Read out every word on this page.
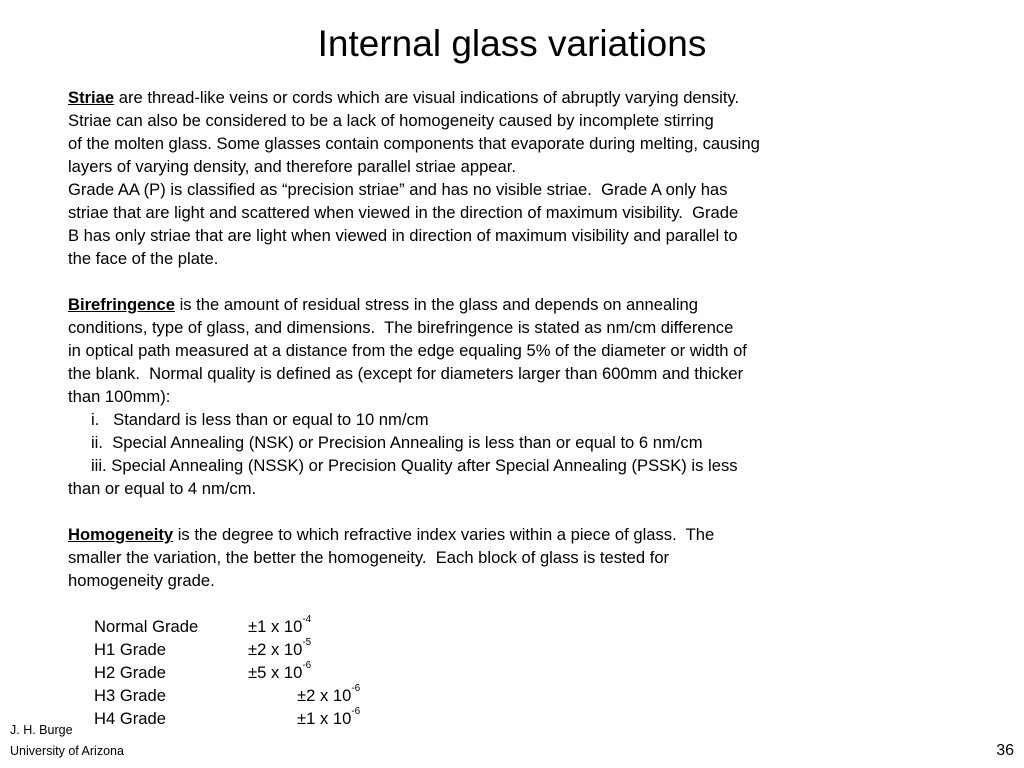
Internal glass variations
Striae are thread-like veins or cords which are visual indications of abruptly varying density.
Striae can also be considered to be a lack of homogeneity caused by incomplete stirring
of the molten glass. Some glasses contain components that evaporate during melting, causing
layers of varying density, and therefore parallel striae appear.
Grade AA (P) is classified as “precision striae” and has no visible striae.  Grade A only has
striae that are light and scattered when viewed in the direction of maximum visibility.  Grade
B has only striae that are light when viewed in direction of maximum visibility and parallel to
the face of the plate.
Birefringence is the amount of residual stress in the glass and depends on annealing
conditions, type of glass, and dimensions.  The birefringence is stated as nm/cm difference
in optical path measured at a distance from the edge equaling 5% of the diameter or width of
the blank.  Normal quality is defined as (except for diameters larger than 600mm and thicker
than 100mm):
i.   Standard is less than or equal to 10 nm/cm
ii.  Special Annealing (NSK) or Precision Annealing is less than or equal to 6 nm/cm
iii. Special Annealing (NSSK) or Precision Quality after Special Annealing (PSSK) is less
than or equal to 4 nm/cm.
Homogeneity is the degree to which refractive index varies within a piece of glass.  The
smaller the variation, the better the homogeneity.  Each block of glass is tested for
homogeneity grade.
Normal Grade	±1 x $10^{-4}$
H1 Grade	±2 x $10^{-5}$
H2 Grade	±5 x $10^{-6}$
H3 Grade	±2 x $10^{-6}$
H4 Grade	±1 x $10^{-6}$
J. H. Burge
University of Arizona	36
